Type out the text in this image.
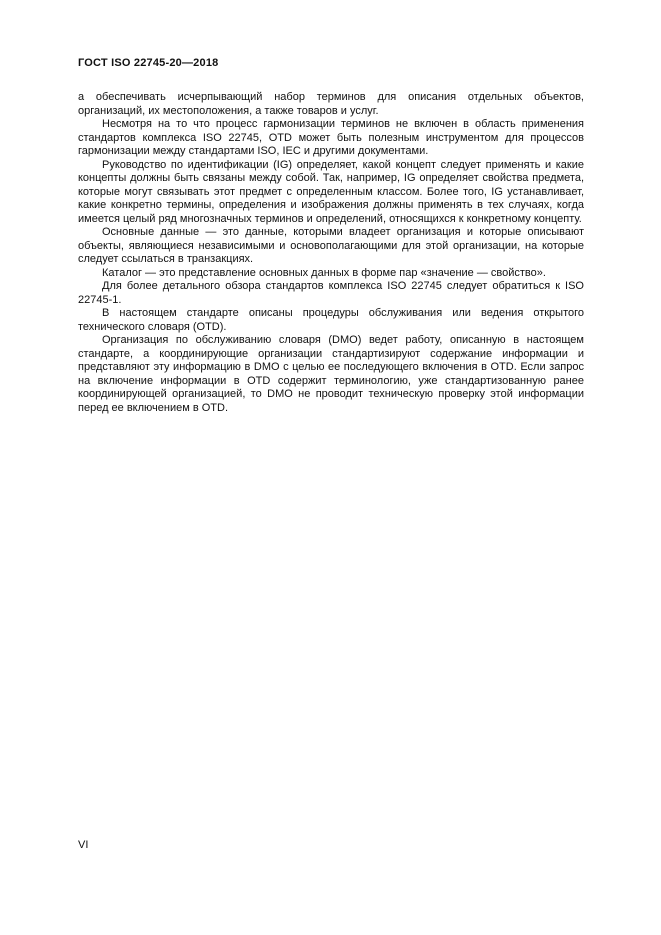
ГОСТ ISO 22745-20—2018

а обеспечивать исчерпывающий набор терминов для описания отдельных объектов, организаций, их местоположения, а также товаров и услуг.

Несмотря на то что процесс гармонизации терминов не включен в область применения стандартов комплекса ISO 22745, OTD может быть полезным инструментом для процессов гармонизации между стандартами ISO, IEC и другими документами.

Руководство по идентификации (IG) определяет, какой концепт следует применять и какие концепты должны быть связаны между собой. Так, например, IG определяет свойства предмета, которые могут связывать этот предмет с определенным классом. Более того, IG устанавливает, какие конкретно термины, определения и изображения должны применять в тех случаях, когда имеется целый ряд многозначных терминов и определений, относящихся к конкретному концепту.

Основные данные — это данные, которыми владеет организация и которые описывают объекты, являющиеся независимыми и основополагающими для этой организации, на которые следует ссылаться в транзакциях.

Каталог — это представление основных данных в форме пар «значение — свойство».

Для более детального обзора стандартов комплекса ISO 22745 следует обратиться к ISO 22745-1.

В настоящем стандарте описаны процедуры обслуживания или ведения открытого технического словаря (OTD).

Организация по обслуживанию словаря (DMO) ведет работу, описанную в настоящем стандарте, а координирующие организации стандартизируют содержание информации и представляют эту информацию в DMO с целью ее последующего включения в OTD. Если запрос на включение информации в OTD содержит терминологию, уже стандартизованную ранее координирующей организацией, то DMO не проводит техническую проверку этой информации перед ее включением в OTD.

VI
